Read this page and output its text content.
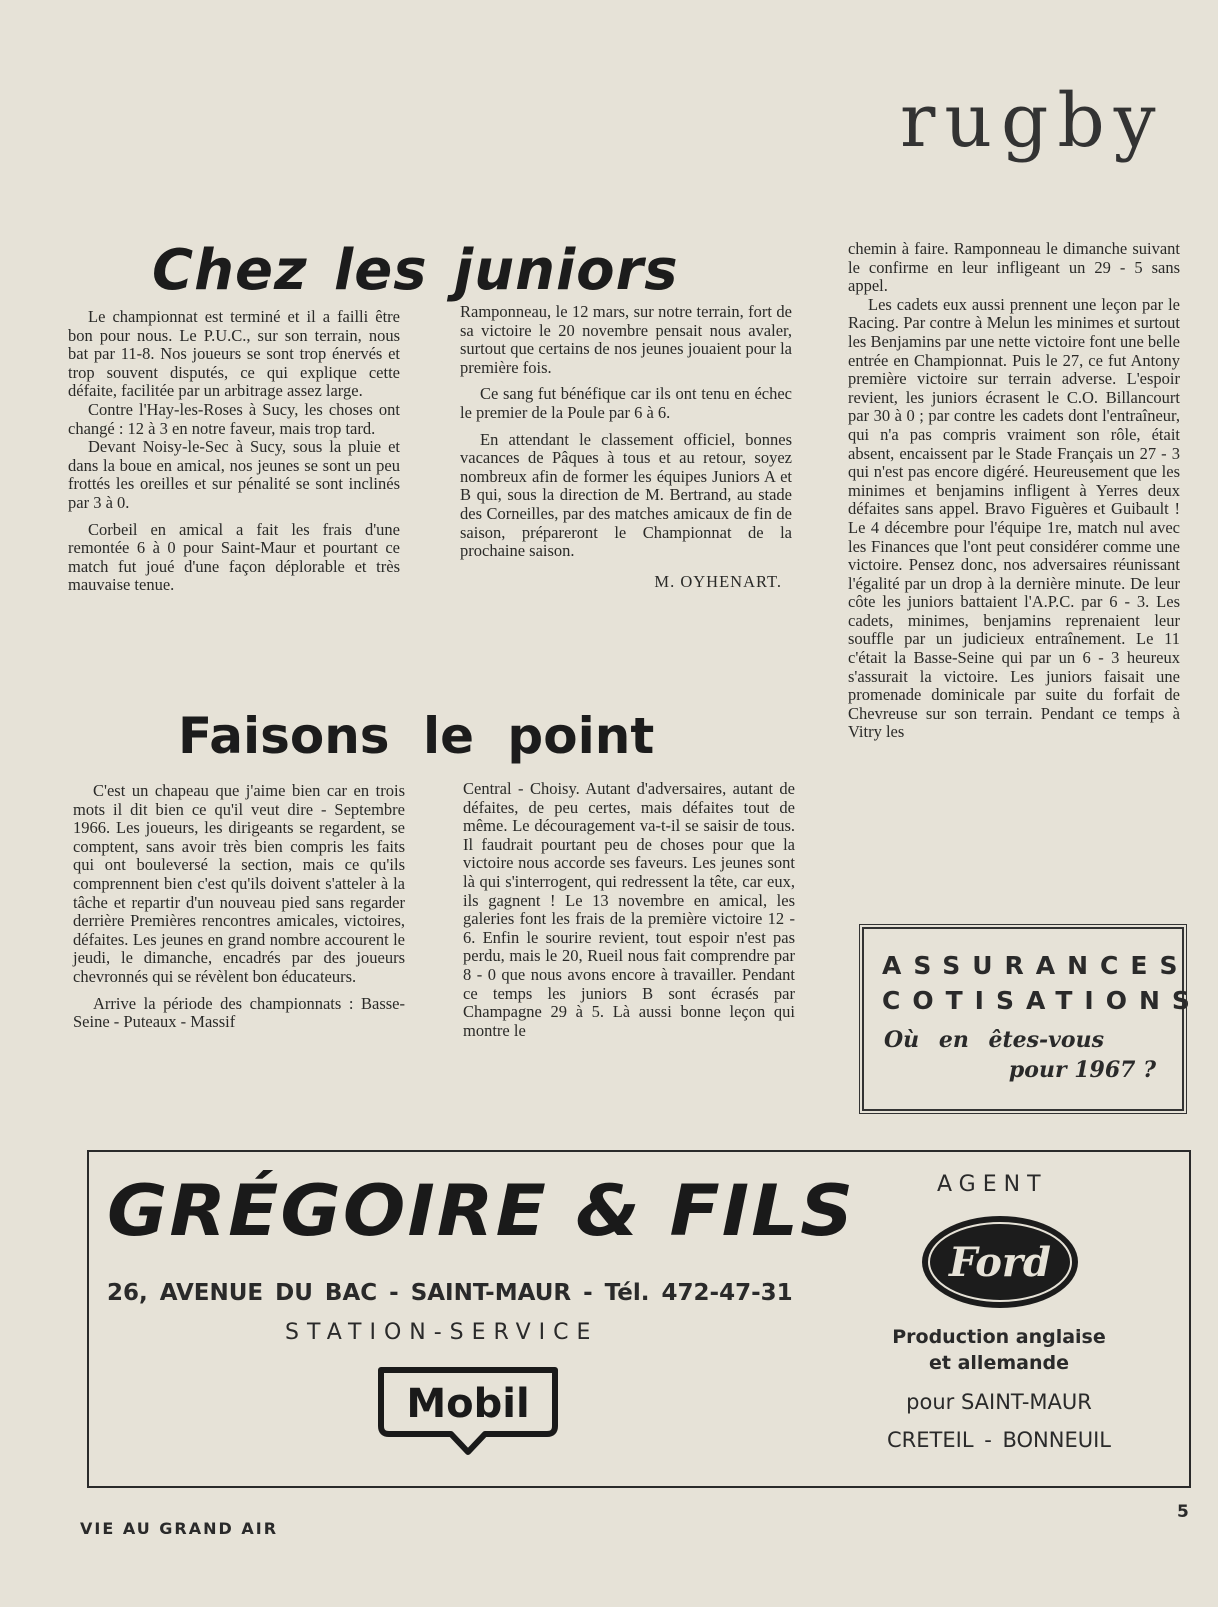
rugby
Chez les juniors

Le championnat est terminé et il a failli être bon pour nous. Le P.U.C., sur son terrain, nous bat par 11-8. Nos joueurs se sont trop énervés et trop souvent disputés, ce qui explique cette défaite, facilitée par un arbitrage assez large.

Contre l'Hay-les-Roses à Sucy, les choses ont changé : 12 à 3 en notre faveur, mais trop tard.

Devant Noisy-le-Sec à Sucy, sous la pluie et dans la boue en amical, nos jeunes se sont un peu frottés les oreilles et sur pénalité se sont inclinés par 3 à 0.

Corbeil en amical a fait les frais d'une remontée 6 à 0 pour Saint-Maur et pourtant ce match fut joué d'une façon déplorable et très mauvaise tenue.

Ramponneau, le 12 mars, sur notre terrain, fort de sa victoire le 20 novembre pensait nous avaler, surtout que certains de nos jeunes jouaient pour la première fois.

Ce sang fut bénéfique car ils ont tenu en échec le premier de la Poule par 6 à 6.

En attendant le classement officiel, bonnes vacances de Pâques à tous et au retour, soyez nombreux afin de former les équipes Juniors A et B qui, sous la direction de M. Bertrand, au stade des Corneilles, par des matches amicaux de fin de saison, prépareront le Championnat de la prochaine saison.

M. OYHENART.
Faisons le point

C'est un chapeau que j'aime bien car en trois mots il dit bien ce qu'il veut dire - Septembre 1966. Les joueurs, les dirigeants se regardent, se comptent, sans avoir très bien compris les faits qui ont bouleversé la section, mais ce qu'ils comprennent bien c'est qu'ils doivent s'atteler à la tâche et repartir d'un nouveau pied sans regarder derrière Premières rencontres amicales, victoires, défaites. Les jeunes en grand nombre accourent le jeudi, le dimanche, encadrés par des joueurs chevronnés qui se révèlent bon éducateurs.

Arrive la période des championnats : Basse-Seine - Puteaux - Massif

Central - Choisy. Autant d'adversaires, autant de défaites, de peu certes, mais défaites tout de même. Le découragement va-t-il se saisir de tous. Il faudrait pourtant peu de choses pour que la victoire nous accorde ses faveurs. Les jeunes sont là qui s'interrogent, qui redressent la tête, car eux, ils gagnent ! Le 13 novembre en amical, les galeries font les frais de la première victoire 12 - 6. Enfin le sourire revient, tout espoir n'est pas perdu, mais le 20, Rueil nous fait comprendre par 8 - 0 que nous avons encore à travailler. Pendant ce temps les juniors B sont écrasés par Champagne 29 à 5. Là aussi bonne leçon qui montre le

chemin à faire. Ramponneau le dimanche suivant le confirme en leur infligeant un 29 - 5 sans appel.

Les cadets eux aussi prennent une leçon par le Racing. Par contre à Melun les minimes et surtout les Benjamins par une nette victoire font une belle entrée en Championnat. Puis le 27, ce fut Antony première victoire sur terrain adverse. L'espoir revient, les juniors écrasent le C.O. Billancourt par 30 à 0 ; par contre les cadets dont l'entraîneur, qui n'a pas compris vraiment son rôle, était absent, encaissent par le Stade Français un 27 - 3 qui n'est pas encore digéré. Heureusement que les minimes et benjamins infligent à Yerres deux défaites sans appel. Bravo Figuères et Guibault ! Le 4 décembre pour l'équipe 1re, match nul avec les Finances que l'ont peut considérer comme une victoire. Pensez donc, nos adversaires réunissant l'égalité par un drop à la dernière minute. De leur côte les juniors battaient l'A.P.C. par 6 - 3. Les cadets, minimes, benjamins reprenaient leur souffle par un judicieux entraînement. Le 11 c'était la Basse-Seine qui par un 6 - 3 heureux s'assurait la victoire. Les juniors faisait une promenade dominicale par suite du forfait de Chevreuse sur son terrain. Pendant ce temps à Vitry les

ASSURANCES
COTISATIONS
Où en êtes-vous
pour 1967 ?
GRÉGOIRE & FILS
26, AVENUE DU BAC - SAINT-MAUR - Tél. 472-47-31
STATION-SERVICE
Mobil
AGENT
Ford
Production anglaise
et allemande
pour SAINT-MAUR
CRETEIL - BONNEUIL
VIE AU GRAND AIR
5
